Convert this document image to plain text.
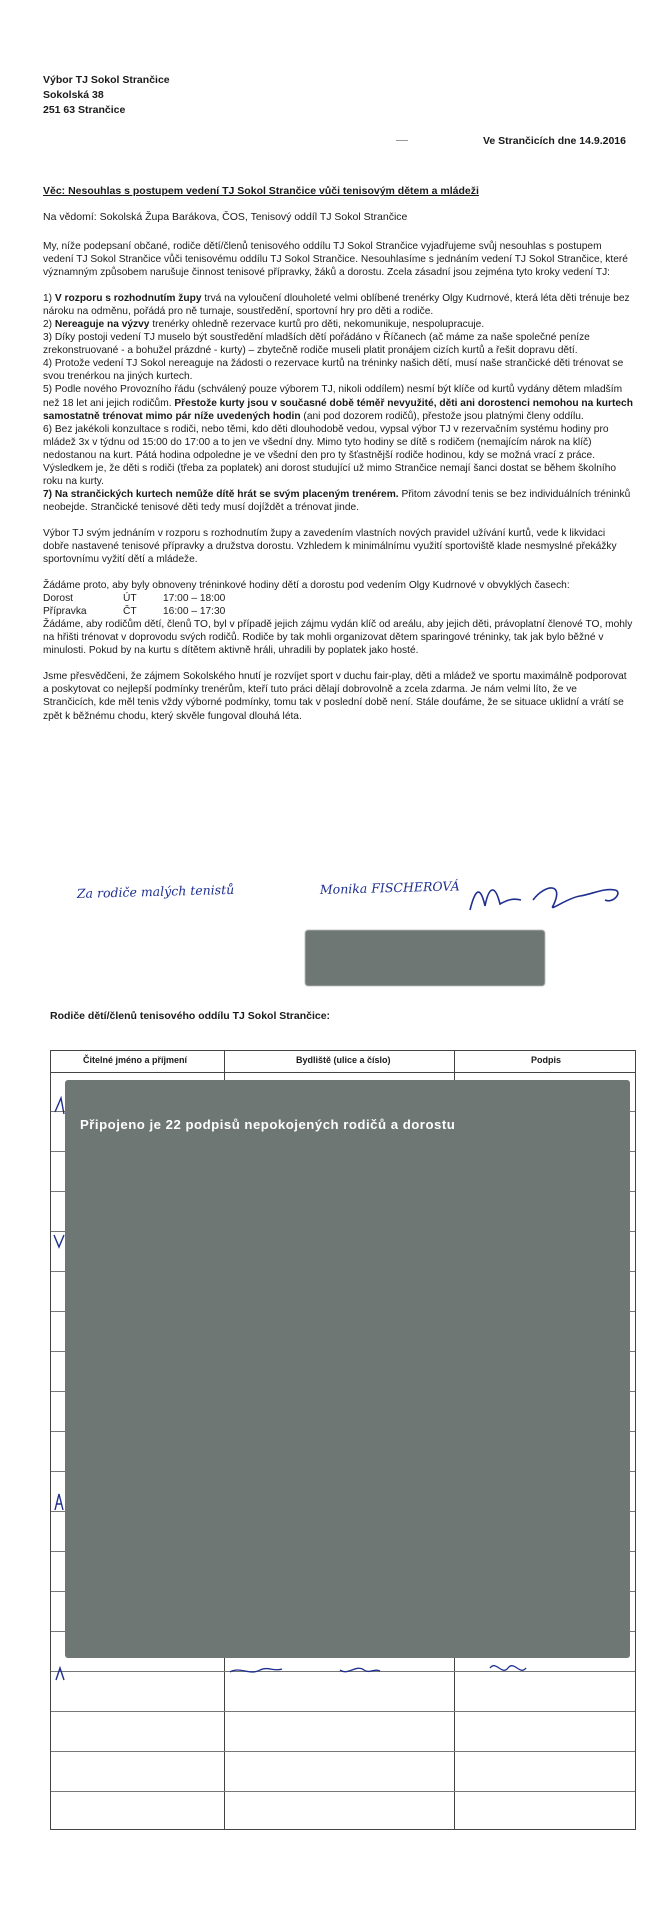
Výbor TJ Sokol Strančice
Sokolská 38
251 63 Strančice
Ve Strančicích dne 14.9.2016
Věc: Nesouhlas s postupem vedení TJ Sokol Strančice vůči tenisovým dětem a mládeži
Na vědomí: Sokolská Župa Barákova, ČOS, Tenisový oddíl TJ Sokol Strančice

My, níže podepsaní občané, rodiče dětí/členů tenisového oddílu TJ Sokol Strančice vyjadřujeme svůj nesouhlas s postupem vedení TJ Sokol Strančice vůči tenisovému oddílu TJ Sokol Strančice. Nesouhlasíme s jednáním vedení TJ Sokol Strančice, které významným způsobem narušuje činnost tenisové přípravky, žáků a dorostu. Zcela zásadní jsou zejména tyto kroky vedení TJ:

1) V rozporu s rozhodnutím župy trvá na vyloučení dlouholeté velmi oblíbené trenérky Olgy Kudrnové, která léta děti trénuje bez nároku na odměnu, pořádá pro ně turnaje, soustředění, sportovní hry pro děti a rodiče.

2) Nereaguje na výzvy trenérky ohledně rezervace kurtů pro děti, nekomunikuje, nespolupracuje.

3) Díky postoji vedení TJ muselo být soustředění mladších dětí pořádáno v Říčanech (ač máme za naše společné peníze zrekonstruované - a bohužel prázdné - kurty) – zbytečně rodiče museli platit pronájem cizích kurtů a řešit dopravu dětí.

4) Protože vedení TJ Sokol nereaguje na žádosti o rezervace kurtů na tréninky našich dětí, musí naše strančické děti trénovat se svou trenérkou na jiných kurtech.

5) Podle nového Provozního řádu (schválený pouze výborem TJ, nikoli oddílem) nesmí být klíče od kurtů vydány dětem mladším než 18 let ani jejich rodičům. Přestože kurty jsou v současné době téměř nevyužité, děti ani dorostenci nemohou na kurtech samostatně trénovat mimo pár níže uvedených hodin (ani pod dozorem rodičů), přestože jsou platnými členy oddílu.

6) Bez jakékoli konzultace s rodiči, nebo těmi, kdo děti dlouhodobě vedou, vypsal výbor TJ v rezervačním systému hodiny pro mládež 3x v týdnu od 15:00 do 17:00 a to jen ve všední dny. Mimo tyto hodiny se dítě s rodičem (nemajícím nárok na klíč) nedostanou na kurt. Pátá hodina odpoledne je ve všední den pro ty šťastnější rodiče hodinou, kdy se možná vrací z práce. Výsledkem je, že děti s rodiči (třeba za poplatek) ani dorost studující už mimo Strančice nemají šanci dostat se během školního roku na kurty.

7) Na strančických kurtech nemůže dítě hrát se svým placeným trenérem. Přitom závodní tenis se bez individuálních tréninků neobejde. Strančické tenisové děti tedy musí dojíždět a trénovat jinde.

Výbor TJ svým jednáním v rozporu s rozhodnutím župy a zavedením vlastních nových pravidel užívání kurtů, vede k likvidaci dobře nastavené tenisové přípravky a družstva dorostu. Vzhledem k minimálnímu využití sportoviště klade nesmyslné překážky sportovnímu vyžití dětí a mládeže.

Žádáme proto, aby byly obnoveny tréninkové hodiny dětí a dorostu pod vedením Olgy Kudrnové v obvyklých časech:

Dorost	ÚT	17:00 – 18:00
Přípravka	ČT	16:00 – 17:30

Žádáme, aby rodičům dětí, členů TO, byl v případě jejich zájmu vydán klíč od areálu, aby jejich děti, právoplatní členové TO, mohly na hřišti trénovat v doprovodu svých rodičů. Rodiče by tak mohli organizovat dětem sparingové tréninky, tak jak bylo běžné v minulosti. Pokud by na kurtu s dítětem aktivně hráli, uhradili by poplatek jako hosté.

Jsme přesvědčeni, že zájmem Sokolského hnutí je rozvíjet sport v duchu fair-play, děti a mládež ve sportu maximálně podporovat a poskytovat co nejlepší podmínky trenérům, kteří tuto práci dělají dobrovolně a zcela zdarma. Je nám velmi líto, že ve Strančicích, kde měl tenis vždy výborné podmínky, tomu tak v poslední době není. Stále doufáme, že se situace uklidní a vrátí se zpět k běžnému chodu, který skvěle fungoval dlouhá léta.

Za rodiče malých tenistů	Monika FISCHEROVÁ
Rodiče dětí/členů tenisového oddílu TJ Sokol Strančice:
Čitelné jméno a příjmení	Bydliště (ulice a číslo)	Podpis
Připojeno je 22 podpisů nepokojených rodičů a dorostu
